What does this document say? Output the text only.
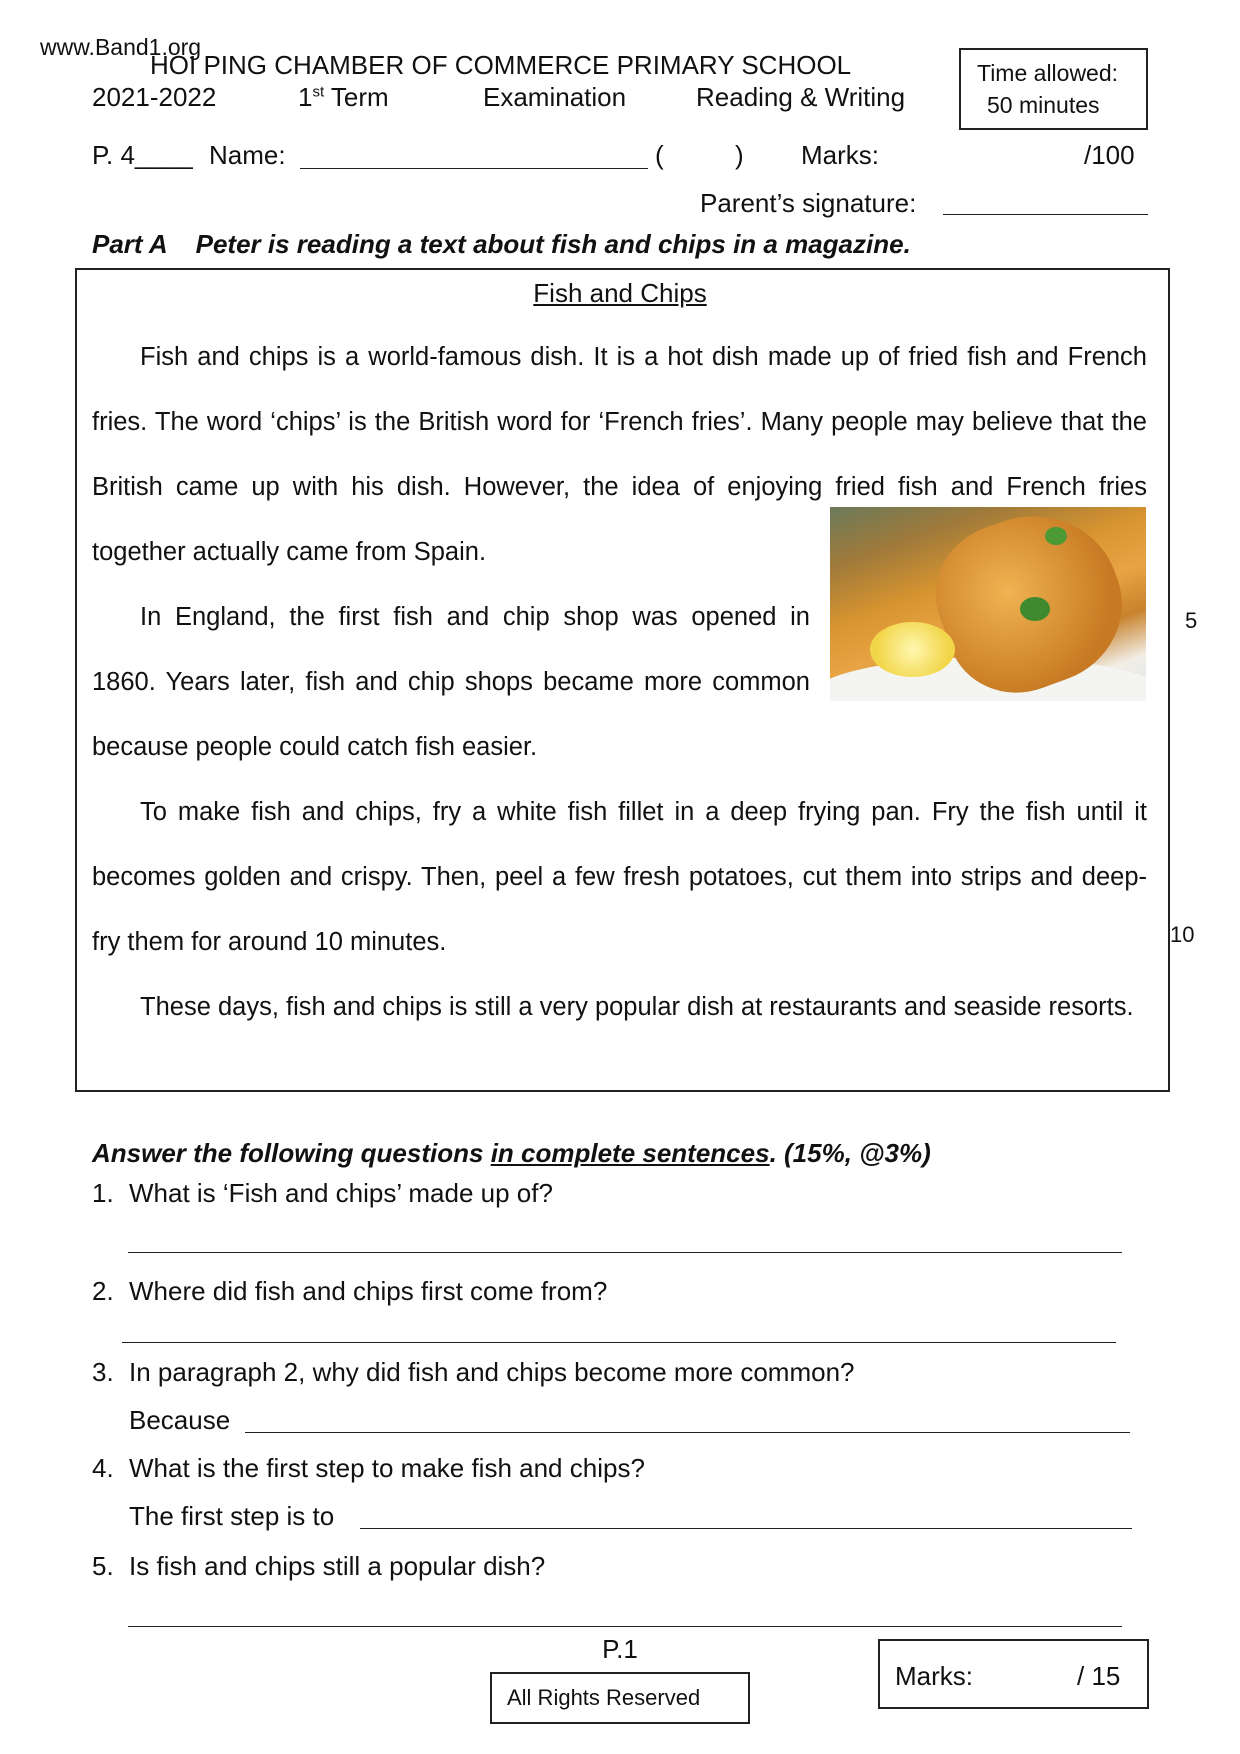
www.Band1.org
HOI PING CHAMBER OF COMMERCE PRIMARY SCHOOL
2021-2022	1st Term	Examination	Reading & Writing
Time allowed:
50 minutes
P. 4____ Name:	(	) Marks:	/100
Parent’s signature:
Part A Peter is reading a text about fish and chips in a magazine.
Fish and Chips
Fish and chips is a world-famous dish. It is a hot dish made up of fried fish and French fries. The word ‘chips’ is the British word for ‘French fries’. Many people may believe that the British came up with his dish. However, the idea of enjoying fried fish and French fries together actually came from Spain.
In England, the first fish and chip shop was opened in 1860. Years later, fish and chip shops became more common because people could catch fish easier.
To make fish and chips, fry a white fish fillet in a deep frying pan. Fry the fish until it becomes golden and crispy. Then, peel a few fresh potatoes, cut them into strips and deep-fry them for around 10 minutes.
These days, fish and chips is still a very popular dish at restaurants and seaside resorts.
5
10
Answer the following questions in complete sentences. (15%, @3%)
1. What is ‘Fish and chips’ made up of?
2. Where did fish and chips first come from?
3. In paragraph 2, why did fish and chips become more common?
Because
4. What is the first step to make fish and chips?
The first step is to
5. Is fish and chips still a popular dish?
P.1
All Rights Reserved
Marks:	/ 15
